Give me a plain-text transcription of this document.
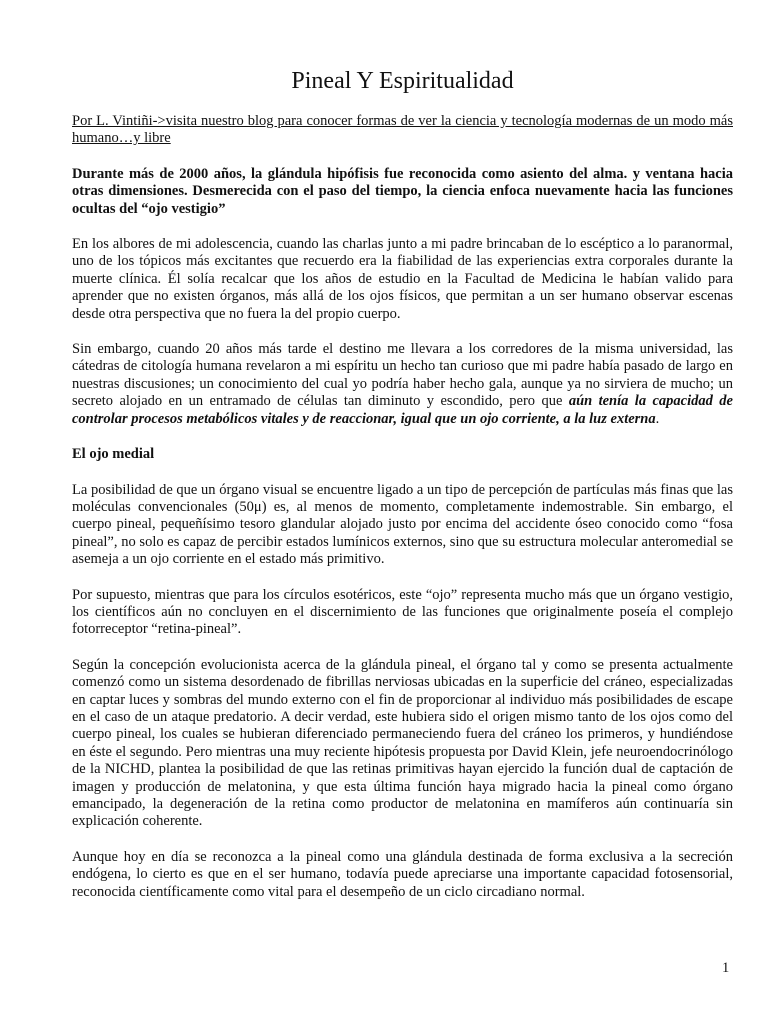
Pineal Y Espiritualidad

Por L. Vintiñi->visita nuestro blog para conocer formas de ver la ciencia y tecnología modernas de un modo más humano…y libre

Durante más de 2000 años, la glándula hipófisis fue reconocida como asiento del alma. y ventana hacia otras dimensiones. Desmerecida con el paso del tiempo, la ciencia enfoca nuevamente hacia las funciones ocultas del “ojo vestigio”

En los albores de mi adolescencia, cuando las charlas junto a mi padre brincaban de lo escéptico a lo paranormal, uno de los tópicos más excitantes que recuerdo era la fiabilidad de las experiencias extra corporales durante la muerte clínica. Él solía recalcar que los años de estudio en la Facultad de Medicina le habían valido para aprender que no existen órganos, más allá de los ojos físicos, que permitan a un ser humano observar escenas desde otra perspectiva que no fuera la del propio cuerpo.

Sin embargo, cuando 20 años más tarde el destino me llevara a los corredores de la misma universidad, las cátedras de citología humana revelaron a mi espíritu un hecho tan curioso que mi padre había pasado de largo en nuestras discusiones; un conocimiento del cual yo podría haber hecho gala, aunque ya no sirviera de mucho; un secreto alojado en un entramado de células tan diminuto y escondido, pero que aún tenía la capacidad de controlar procesos metabólicos vitales y de reaccionar, igual que un ojo corriente, a la luz externa.

El ojo medial

La posibilidad de que un órgano visual se encuentre ligado a un tipo de percepción de partículas más finas que las moléculas convencionales (50μ) es, al menos de momento, completamente indemostrable. Sin embargo, el cuerpo pineal, pequeñísimo tesoro glandular alojado justo por encima del accidente óseo conocido como “fosa pineal”, no solo es capaz de percibir estados lumínicos externos, sino que su estructura molecular anteromedial se asemeja a un ojo corriente en el estado más primitivo.

Por supuesto, mientras que para los círculos esotéricos, este “ojo” representa mucho más que un órgano vestigio, los científicos aún no concluyen en el discernimiento de las funciones que originalmente poseía el complejo fotorreceptor “retina-pineal”.

Según la concepción evolucionista acerca de la glándula pineal, el órgano tal y como se presenta actualmente comenzó como un sistema desordenado de fibrillas nerviosas ubicadas en la superficie del cráneo, especializadas en captar luces y sombras del mundo externo con el fin de proporcionar al individuo más posibilidades de escape en el caso de un ataque predatorio. A decir verdad, este hubiera sido el origen mismo tanto de los ojos como del cuerpo pineal, los cuales se hubieran diferenciado permaneciendo fuera del cráneo los primeros, y hundiéndose en éste el segundo. Pero mientras una muy reciente hipótesis propuesta por David Klein, jefe neuroendocrinólogo de la NICHD, plantea la posibilidad de que las retinas primitivas hayan ejercido la función dual de captación de imagen y producción de melatonina, y que esta última función haya migrado hacia la pineal como órgano emancipado, la degeneración de la retina como productor de melatonina en mamíferos aún continuaría sin explicación coherente.

Aunque hoy en día se reconozca a la pineal como una glándula destinada de forma exclusiva a la secreción endógena, lo cierto es que en el ser humano, todavía puede apreciarse una importante capacidad fotosensorial, reconocida científicamente como vital para el desempeño de un ciclo circadiano normal.

1
